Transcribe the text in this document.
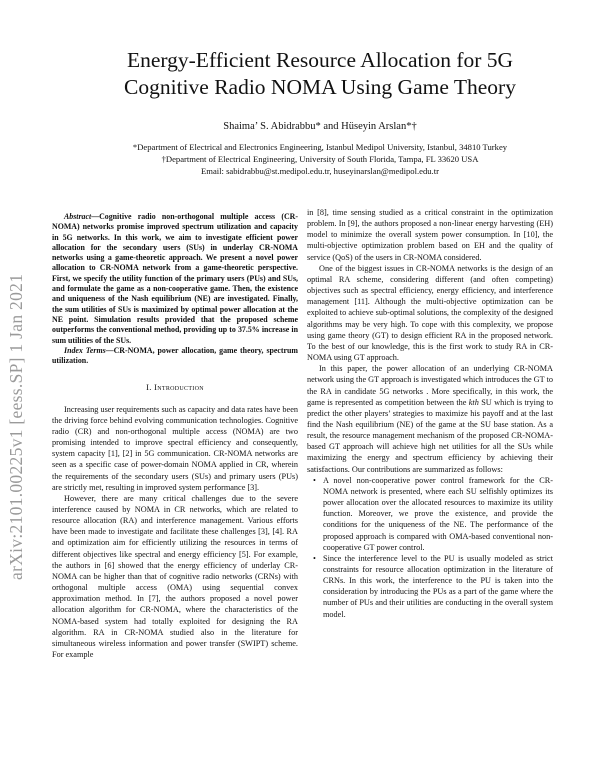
arXiv:2101.00225v1 [eess.SP] 1 Jan 2021
Energy-Efficient Resource Allocation for 5G
Cognitive Radio NOMA Using Game Theory
Shaima’ S. Abidrabbu* and Hüseyin Arslan*†
*Department of Electrical and Electronics Engineering, Istanbul Medipol University, Istanbul, 34810 Turkey
†Department of Electrical Engineering, University of South Florida, Tampa, FL 33620 USA
Email: sabidrabbu@st.medipol.edu.tr, huseyinarslan@medipol.edu.tr

Abstract—Cognitive radio non-orthogonal multiple access (CR-NOMA) networks promise improved spectrum utilization and capacity in 5G networks. In this work, we aim to investigate efficient power allocation for the secondary users (SUs) in underlay CR-NOMA networks using a game-theoretic approach. We present a novel power allocation to CR-NOMA network from a game-theoretic perspective. First, we specify the utility function of the primary users (PUs) and SUs, and formulate the game as a non-cooperative game. Then, the existence and uniqueness of the Nash equilibrium (NE) are investigated. Finally, the sum utilities of SUs is maximized by optimal power allocation at the NE point. Simulation results provided that the proposed scheme outperforms the conventional method, providing up to 37.5% increase in sum utilities of the SUs.

Index Terms—CR-NOMA, power allocation, game theory, spectrum utilization.

I. Introduction

Increasing user requirements such as capacity and data rates have been the driving force behind evolving communication technologies. Cognitive radio (CR) and non-orthogonal multiple access (NOMA) are two promising intended to improve spectral efficiency and consequently, system capacity [1], [2] in 5G communication. CR-NOMA networks are seen as a specific case of power-domain NOMA applied in CR, wherein the requirements of the secondary users (SUs) and primary users (PUs) are strictly met, resulting in improved system performance [3].

However, there are many critical challenges due to the severe interference caused by NOMA in CR networks, which are related to resource allocation (RA) and interference management. Various efforts have been made to investigate and facilitate these challenges [3], [4]. RA and optimization aim for efficiently utilizing the resources in terms of different objectives like spectral and energy efficiency [5]. For example, the authors in [6] showed that the energy efficiency of underlay CR-NOMA can be higher than that of cognitive radio networks (CRNs) with orthogonal multiple access (OMA) using sequential convex approximation method. In [7], the authors proposed a novel power allocation algorithm for CR-NOMA, where the characteristics of the NOMA-based system had totally exploited for designing the RA algorithm. RA in CR-NOMA studied also in the literature for simultaneous wireless information and power transfer (SWIPT) scheme. For example

in [8], time sensing studied as a critical constraint in the optimization problem. In [9], the authors proposed a non-linear energy harvesting (EH) model to minimize the overall system power consumption. In [10], the multi-objective optimization problem based on EH and the quality of service (QoS) of the users in CR-NOMA considered.

One of the biggest issues in CR-NOMA networks is the design of an optimal RA scheme, considering different (and often competing) objectives such as spectral efficiency, energy efficiency, and interference management [11]. Although the multi-objective optimization can be exploited to achieve sub-optimal solutions, the complexity of the designed algorithms may be very high. To cope with this complexity, we propose using game theory (GT) to design efficient RA in the proposed network. To the best of our knowledge, this is the first work to study RA in CR-NOMA using GT approach.

In this paper, the power allocation of an underlying CR-NOMA network using the GT approach is investigated which introduces the GT to the RA in candidate 5G networks . More specifically, in this work, the game is represented as competition between the kth SU which is trying to predict the other players’ strategies to maximize his payoff and at the last find the Nash equilibrium (NE) of the game at the SU base station. As a result, the resource management mechanism of the proposed CR-NOMA-based GT approach will achieve high net utilities for all the SUs while maximizing the energy and spectrum efficiency by achieving their satisfactions. Our contributions are summarized as follows:

• A novel non-cooperative power control framework for the CR-NOMA network is presented, where each SU selfishly optimizes its power allocation over the allocated resources to maximize its utility function. Moreover, we prove the existence, and provide the conditions for the uniqueness of the NE. The performance of the proposed approach is compared with OMA-based conventional non-cooperative GT power control.
• Since the interference level to the PU is usually modeled as strict constraints for resource allocation optimization in the literature of CRNs. In this work, the interference to the PU is taken into the consideration by introducing the PUs as a part of the game where the number of PUs and their utilities are conducting in the overall system model.
